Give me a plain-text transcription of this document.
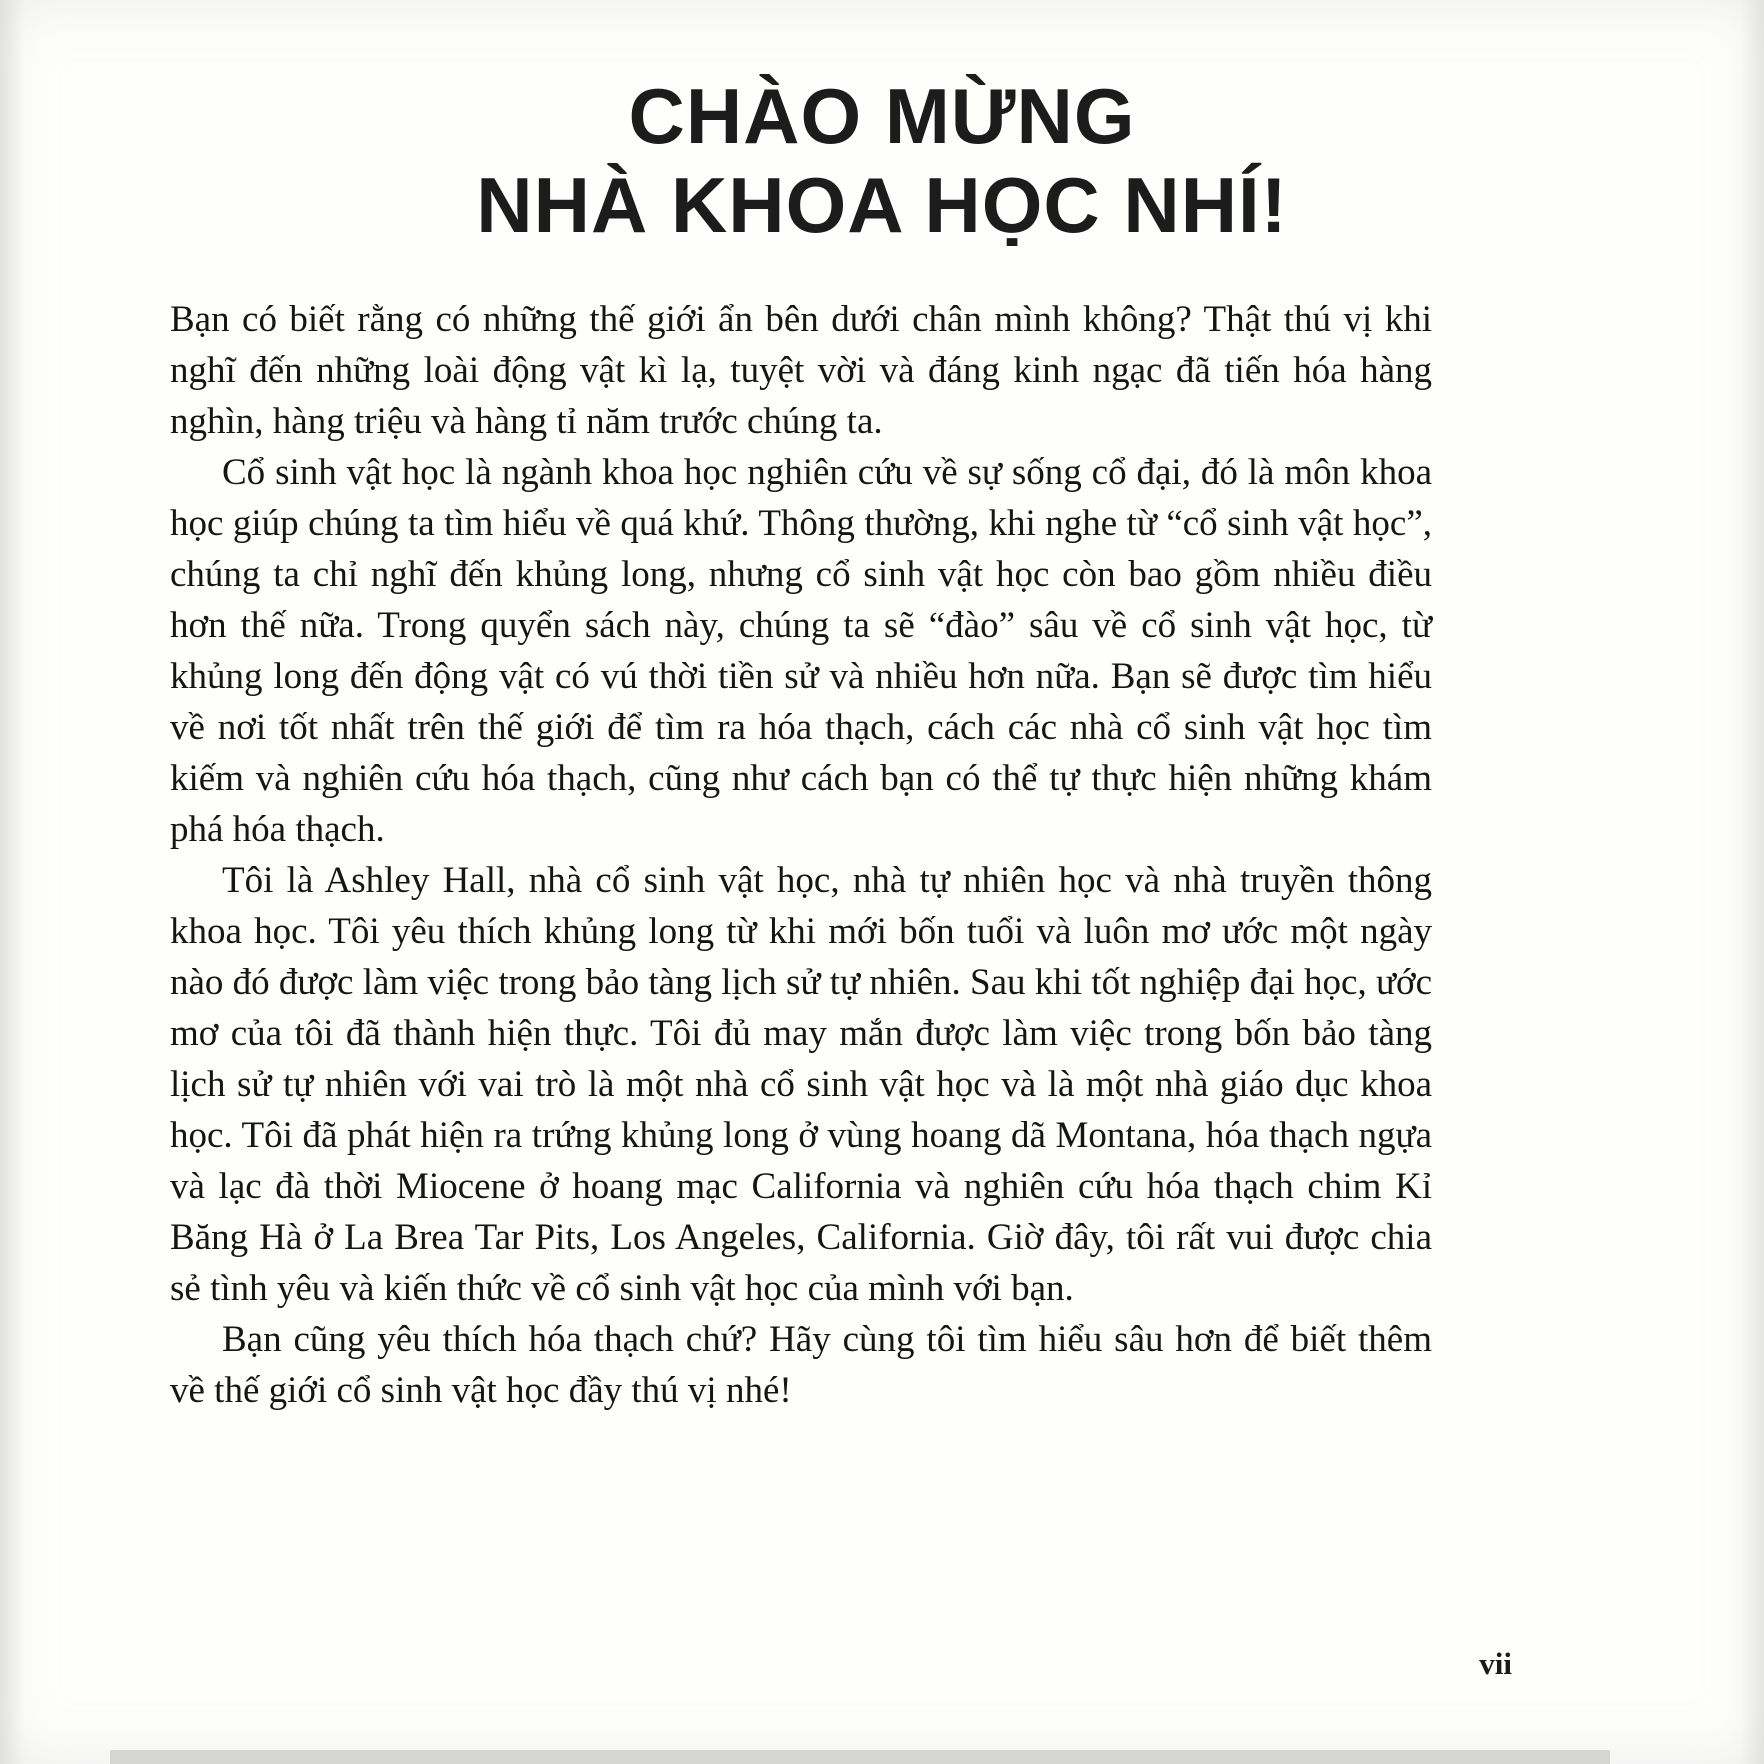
CHÀO MỪNG
NHÀ KHOA HỌC NHÍ!

Bạn có biết rằng có những thế giới ẩn bên dưới chân mình không? Thật thú vị khi nghĩ đến những loài động vật kì lạ, tuyệt vời và đáng kinh ngạc đã tiến hóa hàng nghìn, hàng triệu và hàng tỉ năm trước chúng ta.

Cổ sinh vật học là ngành khoa học nghiên cứu về sự sống cổ đại, đó là môn khoa học giúp chúng ta tìm hiểu về quá khứ. Thông thường, khi nghe từ “cổ sinh vật học”, chúng ta chỉ nghĩ đến khủng long, nhưng cổ sinh vật học còn bao gồm nhiều điều hơn thế nữa. Trong quyển sách này, chúng ta sẽ “đào” sâu về cổ sinh vật học, từ khủng long đến động vật có vú thời tiền sử và nhiều hơn nữa. Bạn sẽ được tìm hiểu về nơi tốt nhất trên thế giới để tìm ra hóa thạch, cách các nhà cổ sinh vật học tìm kiếm và nghiên cứu hóa thạch, cũng như cách bạn có thể tự thực hiện những khám phá hóa thạch.

Tôi là Ashley Hall, nhà cổ sinh vật học, nhà tự nhiên học và nhà truyền thông khoa học. Tôi yêu thích khủng long từ khi mới bốn tuổi và luôn mơ ước một ngày nào đó được làm việc trong bảo tàng lịch sử tự nhiên. Sau khi tốt nghiệp đại học, ước mơ của tôi đã thành hiện thực. Tôi đủ may mắn được làm việc trong bốn bảo tàng lịch sử tự nhiên với vai trò là một nhà cổ sinh vật học và là một nhà giáo dục khoa học. Tôi đã phát hiện ra trứng khủng long ở vùng hoang dã Montana, hóa thạch ngựa và lạc đà thời Miocene ở hoang mạc California và nghiên cứu hóa thạch chim Kỉ Băng Hà ở La Brea Tar Pits, Los Angeles, California. Giờ đây, tôi rất vui được chia sẻ tình yêu và kiến thức về cổ sinh vật học của mình với bạn.

Bạn cũng yêu thích hóa thạch chứ? Hãy cùng tôi tìm hiểu sâu hơn để biết thêm về thế giới cổ sinh vật học đầy thú vị nhé!

vii
